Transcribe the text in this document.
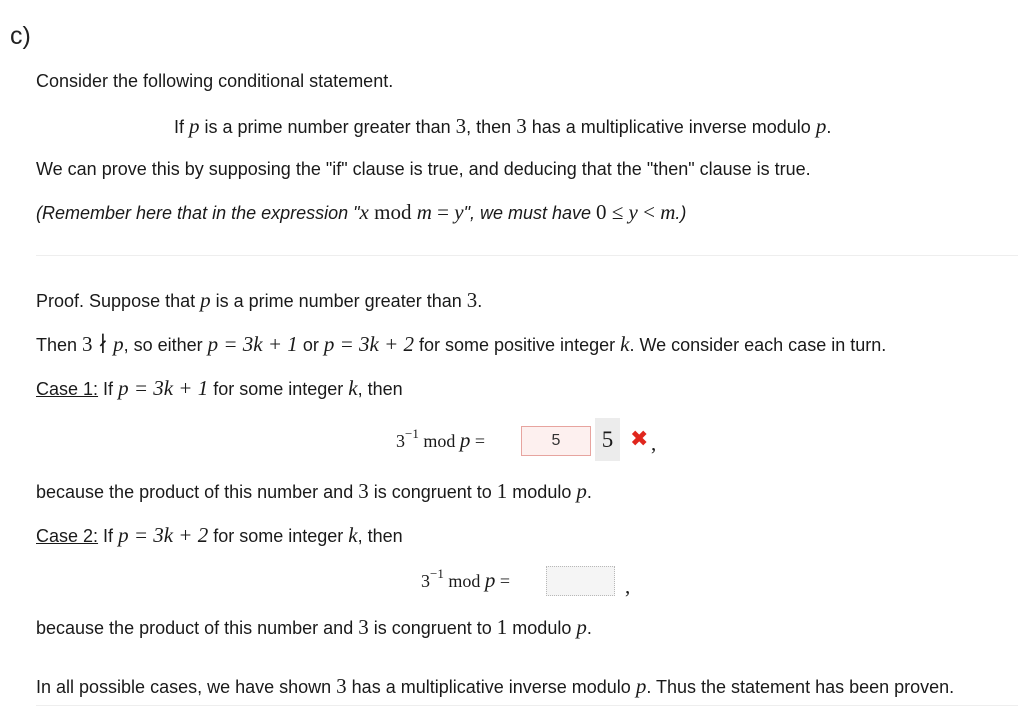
c)
Consider the following conditional statement.
If p is a prime number greater than 3, then 3 has a multiplicative inverse modulo p.
We can prove this by supposing the "if" clause is true, and deducing that the "then" clause is true.
(Remember here that in the expression "x mod m = y", we must have 0 ≤ y < m.)
Proof. Suppose that p is a prime number greater than 3.
Then 3 ∤ p, so either p = 3k + 1 or p = 3k + 2 for some positive integer k. We consider each case in turn.
Case 1: If p = 3k + 1 for some integer k, then
$3^{-1}$ mod p =	5	5 ✖ ,
because the product of this number and 3 is congruent to 1 modulo p.
Case 2: If p = 3k + 2 for some integer k, then
$3^{-1}$ mod p =	,
because the product of this number and 3 is congruent to 1 modulo p.
In all possible cases, we have shown 3 has a multiplicative inverse modulo p. Thus the statement has been proven.
